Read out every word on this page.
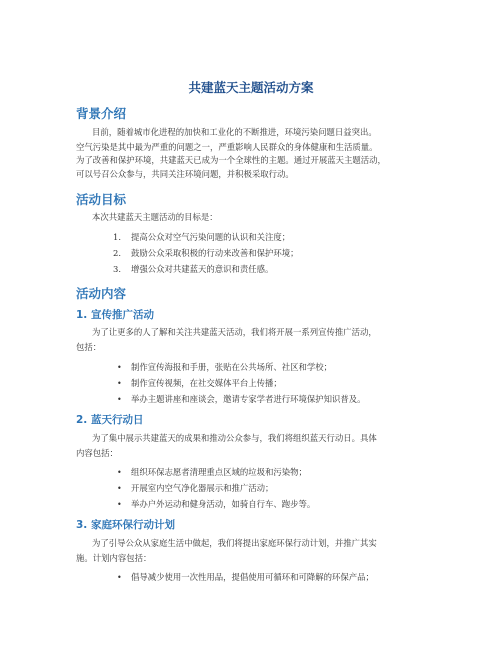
共建蓝天主题活动方案
背景介绍
目前，随着城市化进程的加快和工业化的不断推进，环境污染问题日益突出。
空气污染是其中最为严重的问题之一，严重影响人民群众的身体健康和生活质量。
为了改善和保护环境，共建蓝天已成为一个全球性的主题。通过开展蓝天主题活动，
可以号召公众参与，共同关注环境问题，并积极采取行动。
活动目标
本次共建蓝天主题活动的目标是：
1.	提高公众对空气污染问题的认识和关注度；
2.	鼓励公众采取积极的行动来改善和保护环境；
3.	增强公众对共建蓝天的意识和责任感。
活动内容
1. 宣传推广活动
为了让更多的人了解和关注共建蓝天活动，我们将开展一系列宣传推广活动，
包括：
•	制作宣传海报和手册，张贴在公共场所、社区和学校；
•	制作宣传视频，在社交媒体平台上传播；
•	举办主题讲座和座谈会，邀请专家学者进行环境保护知识普及。
2. 蓝天行动日
为了集中展示共建蓝天的成果和推动公众参与，我们将组织蓝天行动日。具体
内容包括：
•	组织环保志愿者清理重点区域的垃圾和污染物；
•	开展室内空气净化器展示和推广活动；
•	举办户外运动和健身活动，如骑自行车、跑步等。
3. 家庭环保行动计划
为了引导公众从家庭生活中做起，我们将提出家庭环保行动计划，并推广其实
施。计划内容包括：
•	倡导减少使用一次性用品，提倡使用可循环和可降解的环保产品；
